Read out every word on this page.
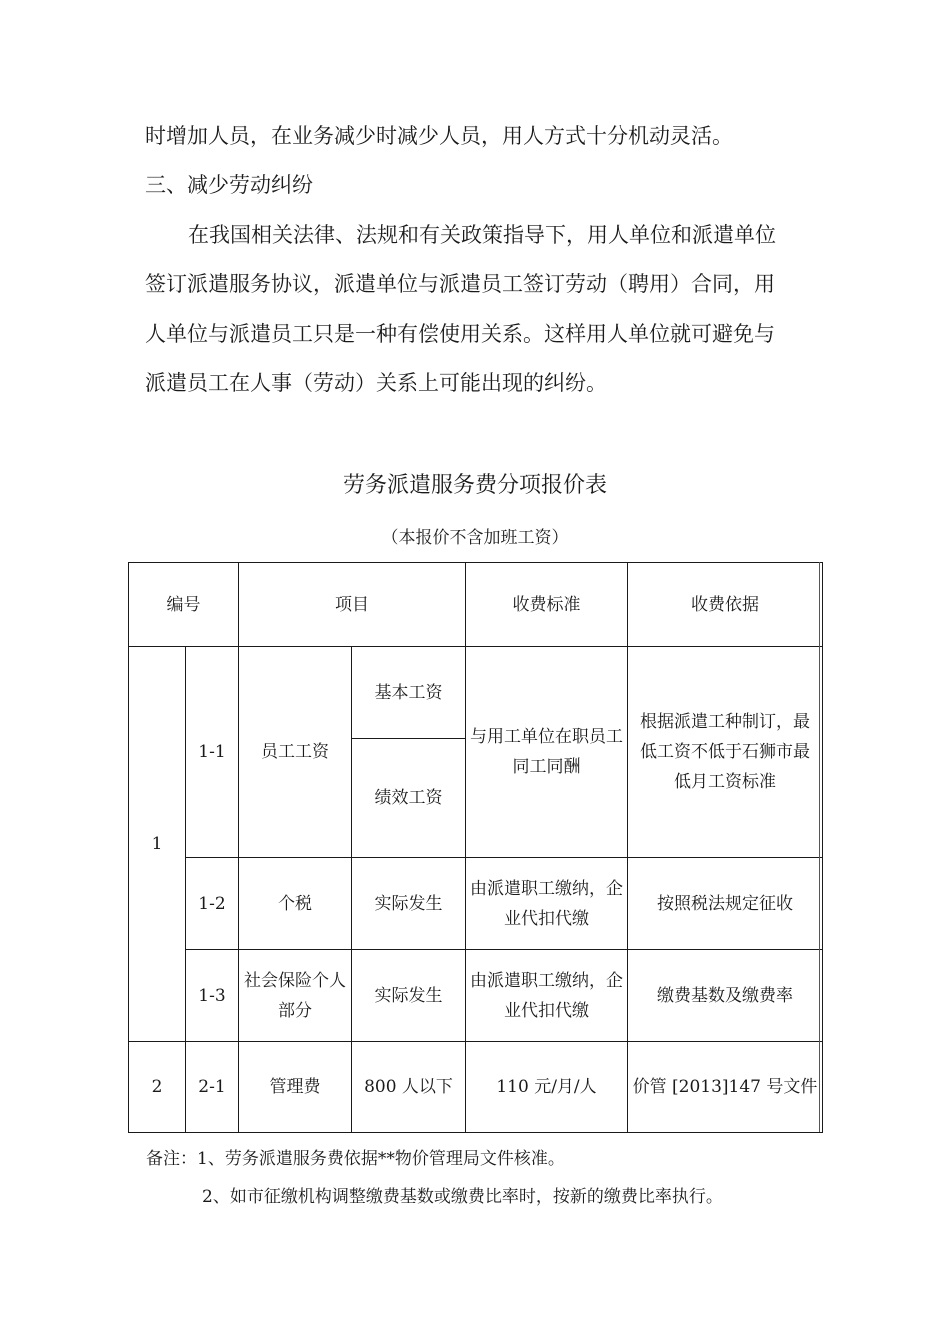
时增加人员，在业务减少时减少人员，用人方式十分机动灵活。
三、减少劳动纠纷
在我国相关法律、法规和有关政策指导下，用人单位和派遣单位
签订派遣服务协议，派遣单位与派遣员工签订劳动（聘用）合同，用
人单位与派遣员工只是一种有偿使用关系。这样用人单位就可避免与
派遣员工在人事（劳动）关系上可能出现的纠纷。
劳务派遣服务费分项报价表
（本报价不含加班工资）
编号		项目		收费标准	收费依据
1	1-1	员工工资	基本工资	与用工单位在职员工同工同酬	根据派遣工种制订，最低工资不低于石狮市最低月工资标准
			绩效工资		
	1-2	个税	实际发生	由派遣职工缴纳，企业代扣代缴	按照税法规定征收
	1-3	社会保险个人部分	实际发生	由派遣职工缴纳，企业代扣代缴	缴费基数及缴费率

2	2-1	管理费	800 人以下	110 元/月/人	价管 [2013]147 号文件
备注：1、劳务派遣服务费依据**物价管理局文件核准。
2、如市征缴机构调整缴费基数或缴费比率时，按新的缴费比率执行。
